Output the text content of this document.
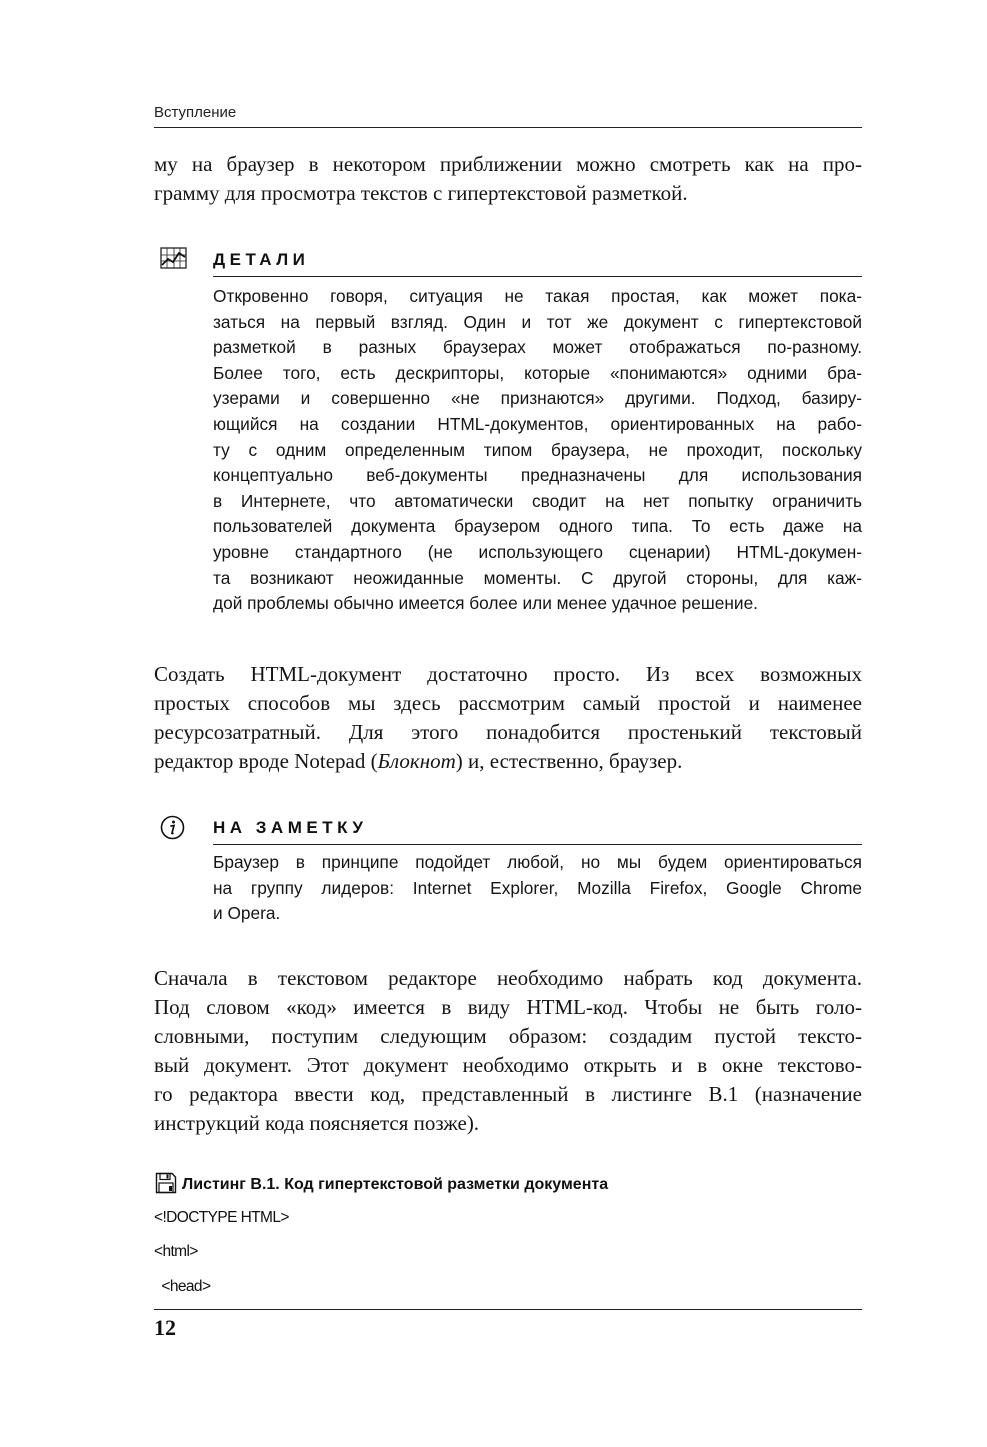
Вступление
му на браузер в некотором приближении можно смотреть как на про-
грамму для просмотра текстов с гипертекстовой разметкой.
ДЕТАЛИ
Откровенно говоря, ситуация не такая простая, как может пока-
заться на первый взгляд. Один и тот же документ с гипертекстовой
разметкой в разных браузерах может отображаться по-разному.
Более того, есть дескрипторы, которые «понимаются» одними бра-
узерами и совершенно «не признаются» другими. Подход, базиру-
ющийся на создании HTML-документов, ориентированных на рабо-
ту с одним определенным типом браузера, не проходит, поскольку
концептуально веб-документы предназначены для использования
в Интернете, что автоматически сводит на нет попытку ограничить
пользователей документа браузером одного типа. То есть даже на
уровне стандартного (не использующего сценарии) HTML-докумен-
та возникают неожиданные моменты. С другой стороны, для каж-
дой проблемы обычно имеется более или менее удачное решение.
Создать HTML-документ достаточно просто. Из всех возможных
простых способов мы здесь рассмотрим самый простой и наименее
ресурсозатратный. Для этого понадобится простенький текстовый
редактор вроде Notepad (Блокнот) и, естественно, браузер.
НА ЗАМЕТКУ
Браузер в принципе подойдет любой, но мы будем ориентироваться
на группу лидеров: Internet Explorer, Mozilla Firefox, Google Chrome
и Opera.
Сначала в текстовом редакторе необходимо набрать код документа.
Под словом «код» имеется в виду HTML-код. Чтобы не быть голо-
словными, поступим следующим образом: создадим пустой тексто-
вый документ. Этот документ необходимо открыть и в окне текстово-
го редактора ввести код, представленный в листинге В.1 (назначение
инструкций кода поясняется позже).
Листинг В.1. Код гипертекстовой разметки документа
<!DOCTYPE HTML>
<html>
<head>
12
